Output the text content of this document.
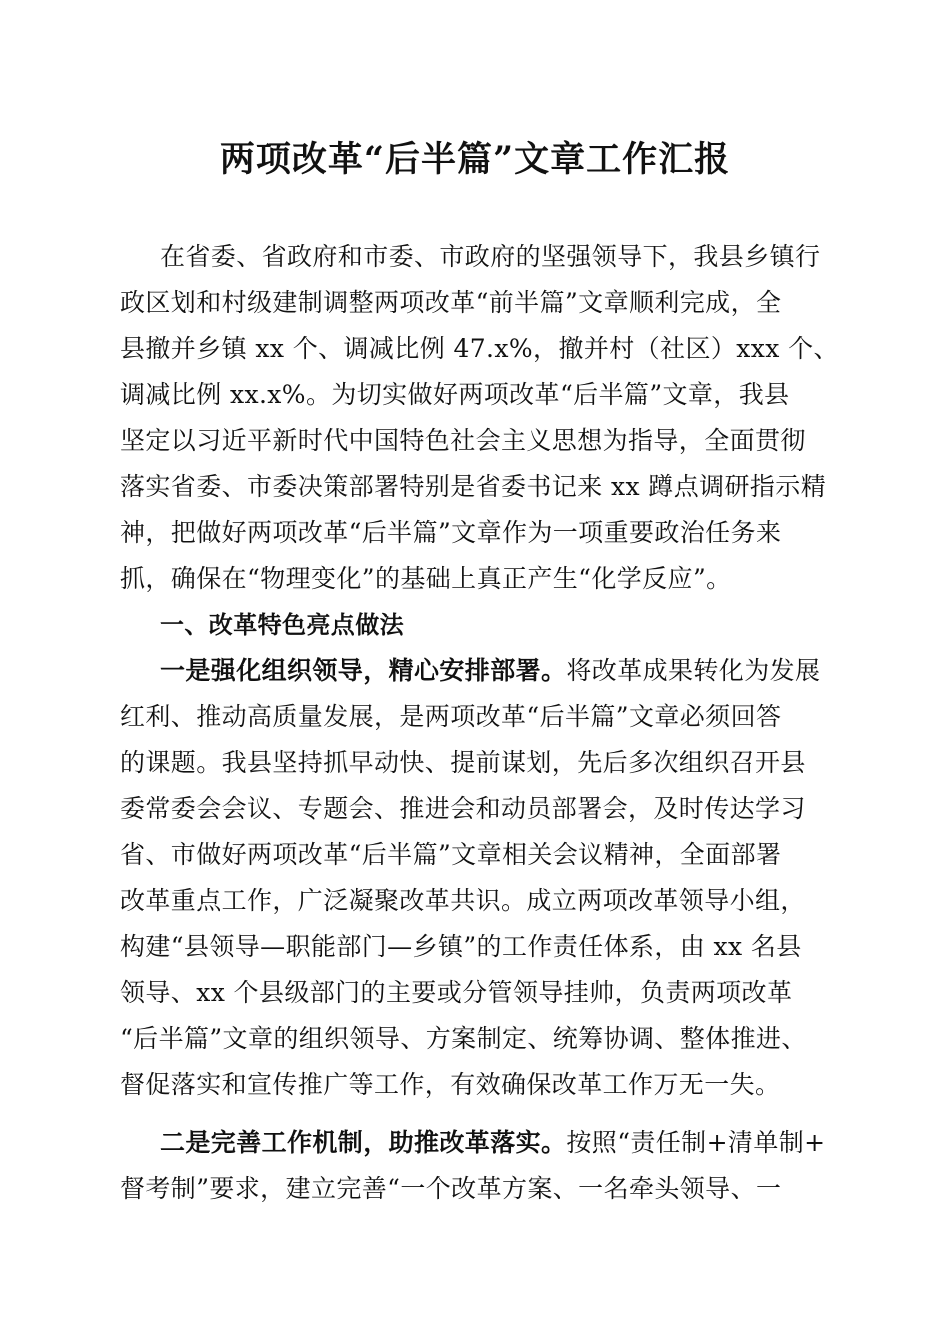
两项改革“后半篇”文章工作汇报
在省委、省政府和市委、市政府的坚强领导下，我县乡镇行
政区划和村级建制调整两项改革“前半篇”文章顺利完成，全
县撤并乡镇 xx 个、调减比例 47.x%，撤并村（社区）xxx 个、
调减比例 xx.x%。为切实做好两项改革“后半篇”文章，我县
坚定以习近平新时代中国特色社会主义思想为指导，全面贯彻
落实省委、市委决策部署特别是省委书记来 xx 蹲点调研指示精
神，把做好两项改革“后半篇”文章作为一项重要政治任务来
抓，确保在“物理变化”的基础上真正产生“化学反应”。
一、改革特色亮点做法
一是强化组织领导，精心安排部署。将改革成果转化为发展
红利、推动高质量发展，是两项改革“后半篇”文章必须回答
的课题。我县坚持抓早动快、提前谋划，先后多次组织召开县
委常委会会议、专题会、推进会和动员部署会，及时传达学习
省、市做好两项改革“后半篇”文章相关会议精神，全面部署
改革重点工作，广泛凝聚改革共识。成立两项改革领导小组，
构建“县领导—职能部门—乡镇”的工作责任体系，由 xx 名县
领导、xx 个县级部门的主要或分管领导挂帅，负责两项改革
“后半篇”文章的组织领导、方案制定、统筹协调、整体推进、
督促落实和宣传推广等工作，有效确保改革工作万无一失。
二是完善工作机制，助推改革落实。按照“责任制+清单制+
督考制”要求，建立完善“一个改革方案、一名牵头领导、一
